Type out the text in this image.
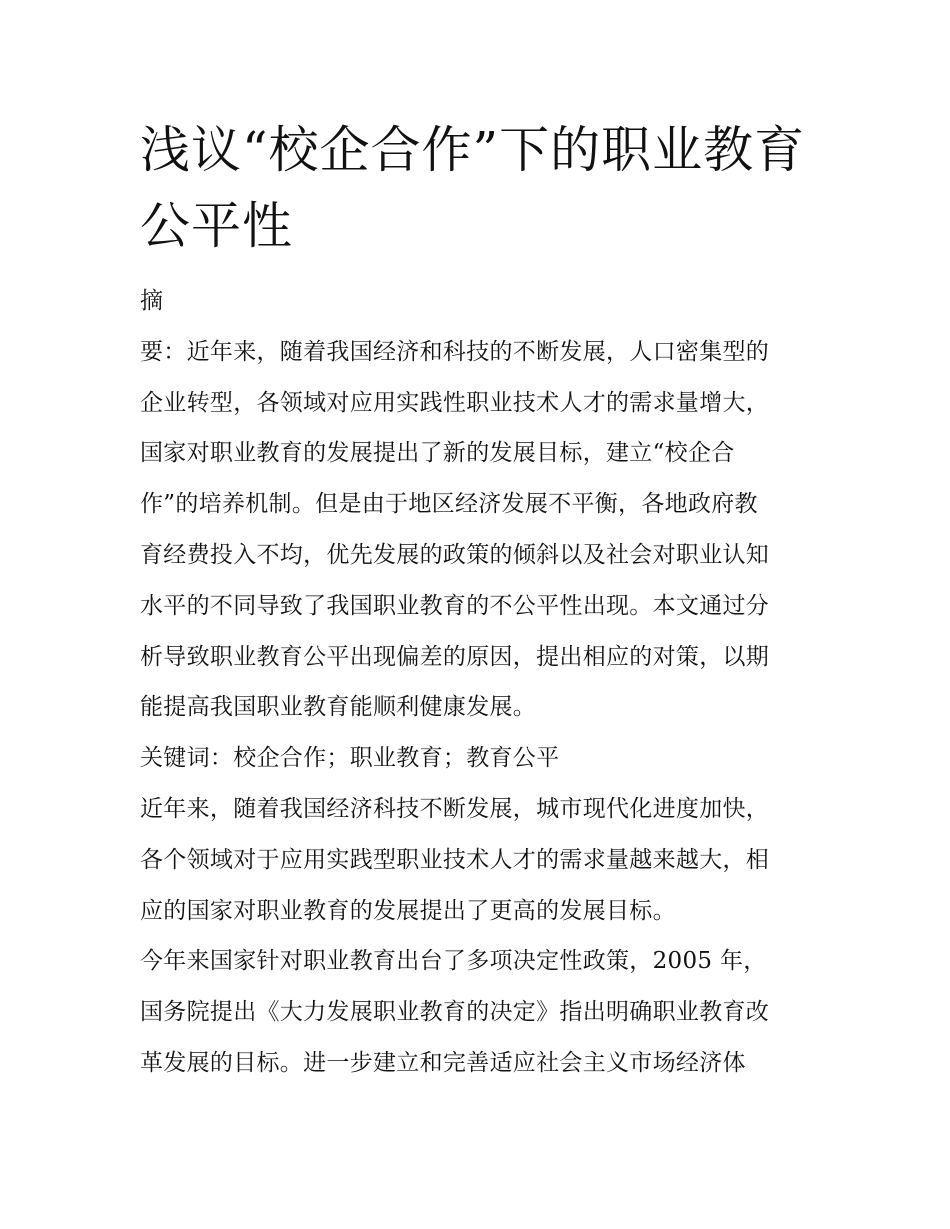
浅议“校企合作”下的职业教育
公平性
摘
要：近年来，随着我国经济和科技的不断发展，人口密集型的
企业转型，各领域对应用实践性职业技术人才的需求量增大，
国家对职业教育的发展提出了新的发展目标，建立“校企合
作”的培养机制。但是由于地区经济发展不平衡，各地政府教
育经费投入不均，优先发展的政策的倾斜以及社会对职业认知
水平的不同导致了我国职业教育的不公平性出现。本文通过分
析导致职业教育公平出现偏差的原因，提出相应的对策，以期
能提高我国职业教育能顺利健康发展。
关键词：校企合作；职业教育；教育公平
近年来，随着我国经济科技不断发展，城市现代化进度加快，
各个领域对于应用实践型职业技术人才的需求量越来越大，相
应的国家对职业教育的发展提出了更高的发展目标。
今年来国家针对职业教育出台了多项决定性政策，2005 年，
国务院提出《大力发展职业教育的决定》指出明确职业教育改
革发展的目标。进一步建立和完善适应社会主义市场经济体
